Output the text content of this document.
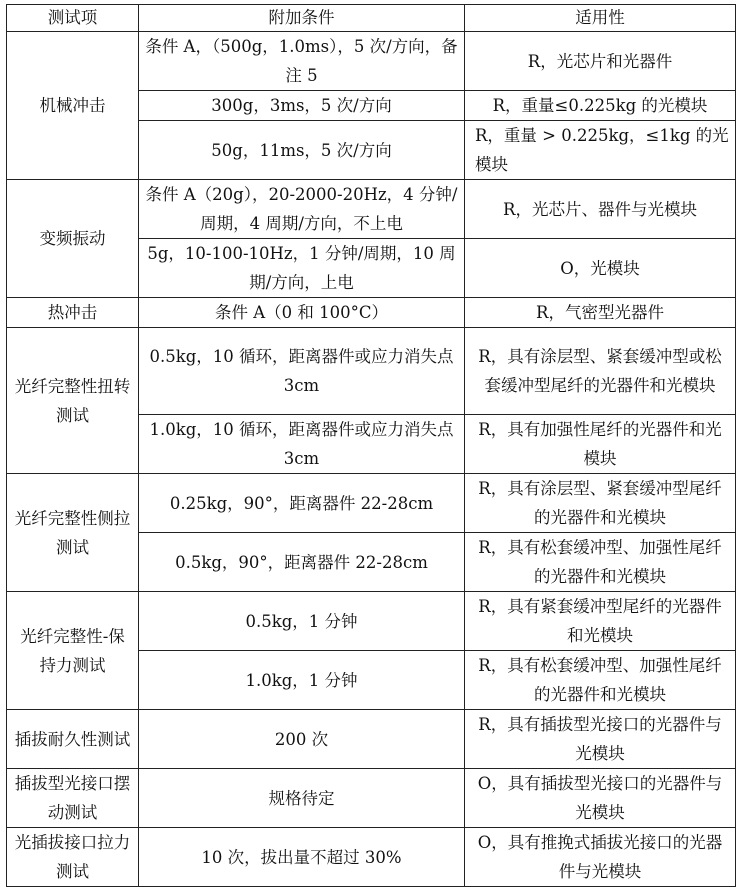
测试项	附加条件	适用性
机械冲击	条件 A，（500g，1.0ms），5 次/方向，备注 5	R，光芯片和光器件
	300g，3ms，5 次/方向	R，重量≤0.225kg 的光模块
	50g，11ms，5 次/方向	R，重量 > 0.225kg，≤1kg 的光模块
变频振动	条件 A（20g），20-2000-20Hz，4 分钟/周期，4 周期/方向，不上电	R，光芯片、器件与光模块
	5g，10-100-10Hz，1 分钟/周期，10 周期/方向，上电	O，光模块
热冲击	条件 A（0 和 100°C）	R，气密型光器件
光纤完整性扭转测试	0.5kg，10 循环，距离器件或应力消失点 3cm	R，具有涂层型、紧套缓冲型或松套缓冲型尾纤的光器件和光模块
	1.0kg，10 循环，距离器件或应力消失点 3cm	R，具有加强性尾纤的光器件和光模块
光纤完整性侧拉测试	0.25kg，90°，距离器件 22-28cm	R，具有涂层型、紧套缓冲型尾纤的光器件和光模块
	0.5kg，90°，距离器件 22-28cm	R，具有松套缓冲型、加强性尾纤的光器件和光模块
光纤完整性-保持力测试	0.5kg，1 分钟	R，具有紧套缓冲型尾纤的光器件和光模块
	1.0kg，1 分钟	R，具有松套缓冲型、加强性尾纤的光器件和光模块
插拔耐久性测试	200 次	R，具有插拔型光接口的光器件与光模块
插拔型光接口摆动测试	规格待定	O，具有插拔型光接口的光器件与光模块
光插拔接口拉力测试	10 次，拔出量不超过 30%	O，具有推挽式插拔光接口的光器件与光模块
